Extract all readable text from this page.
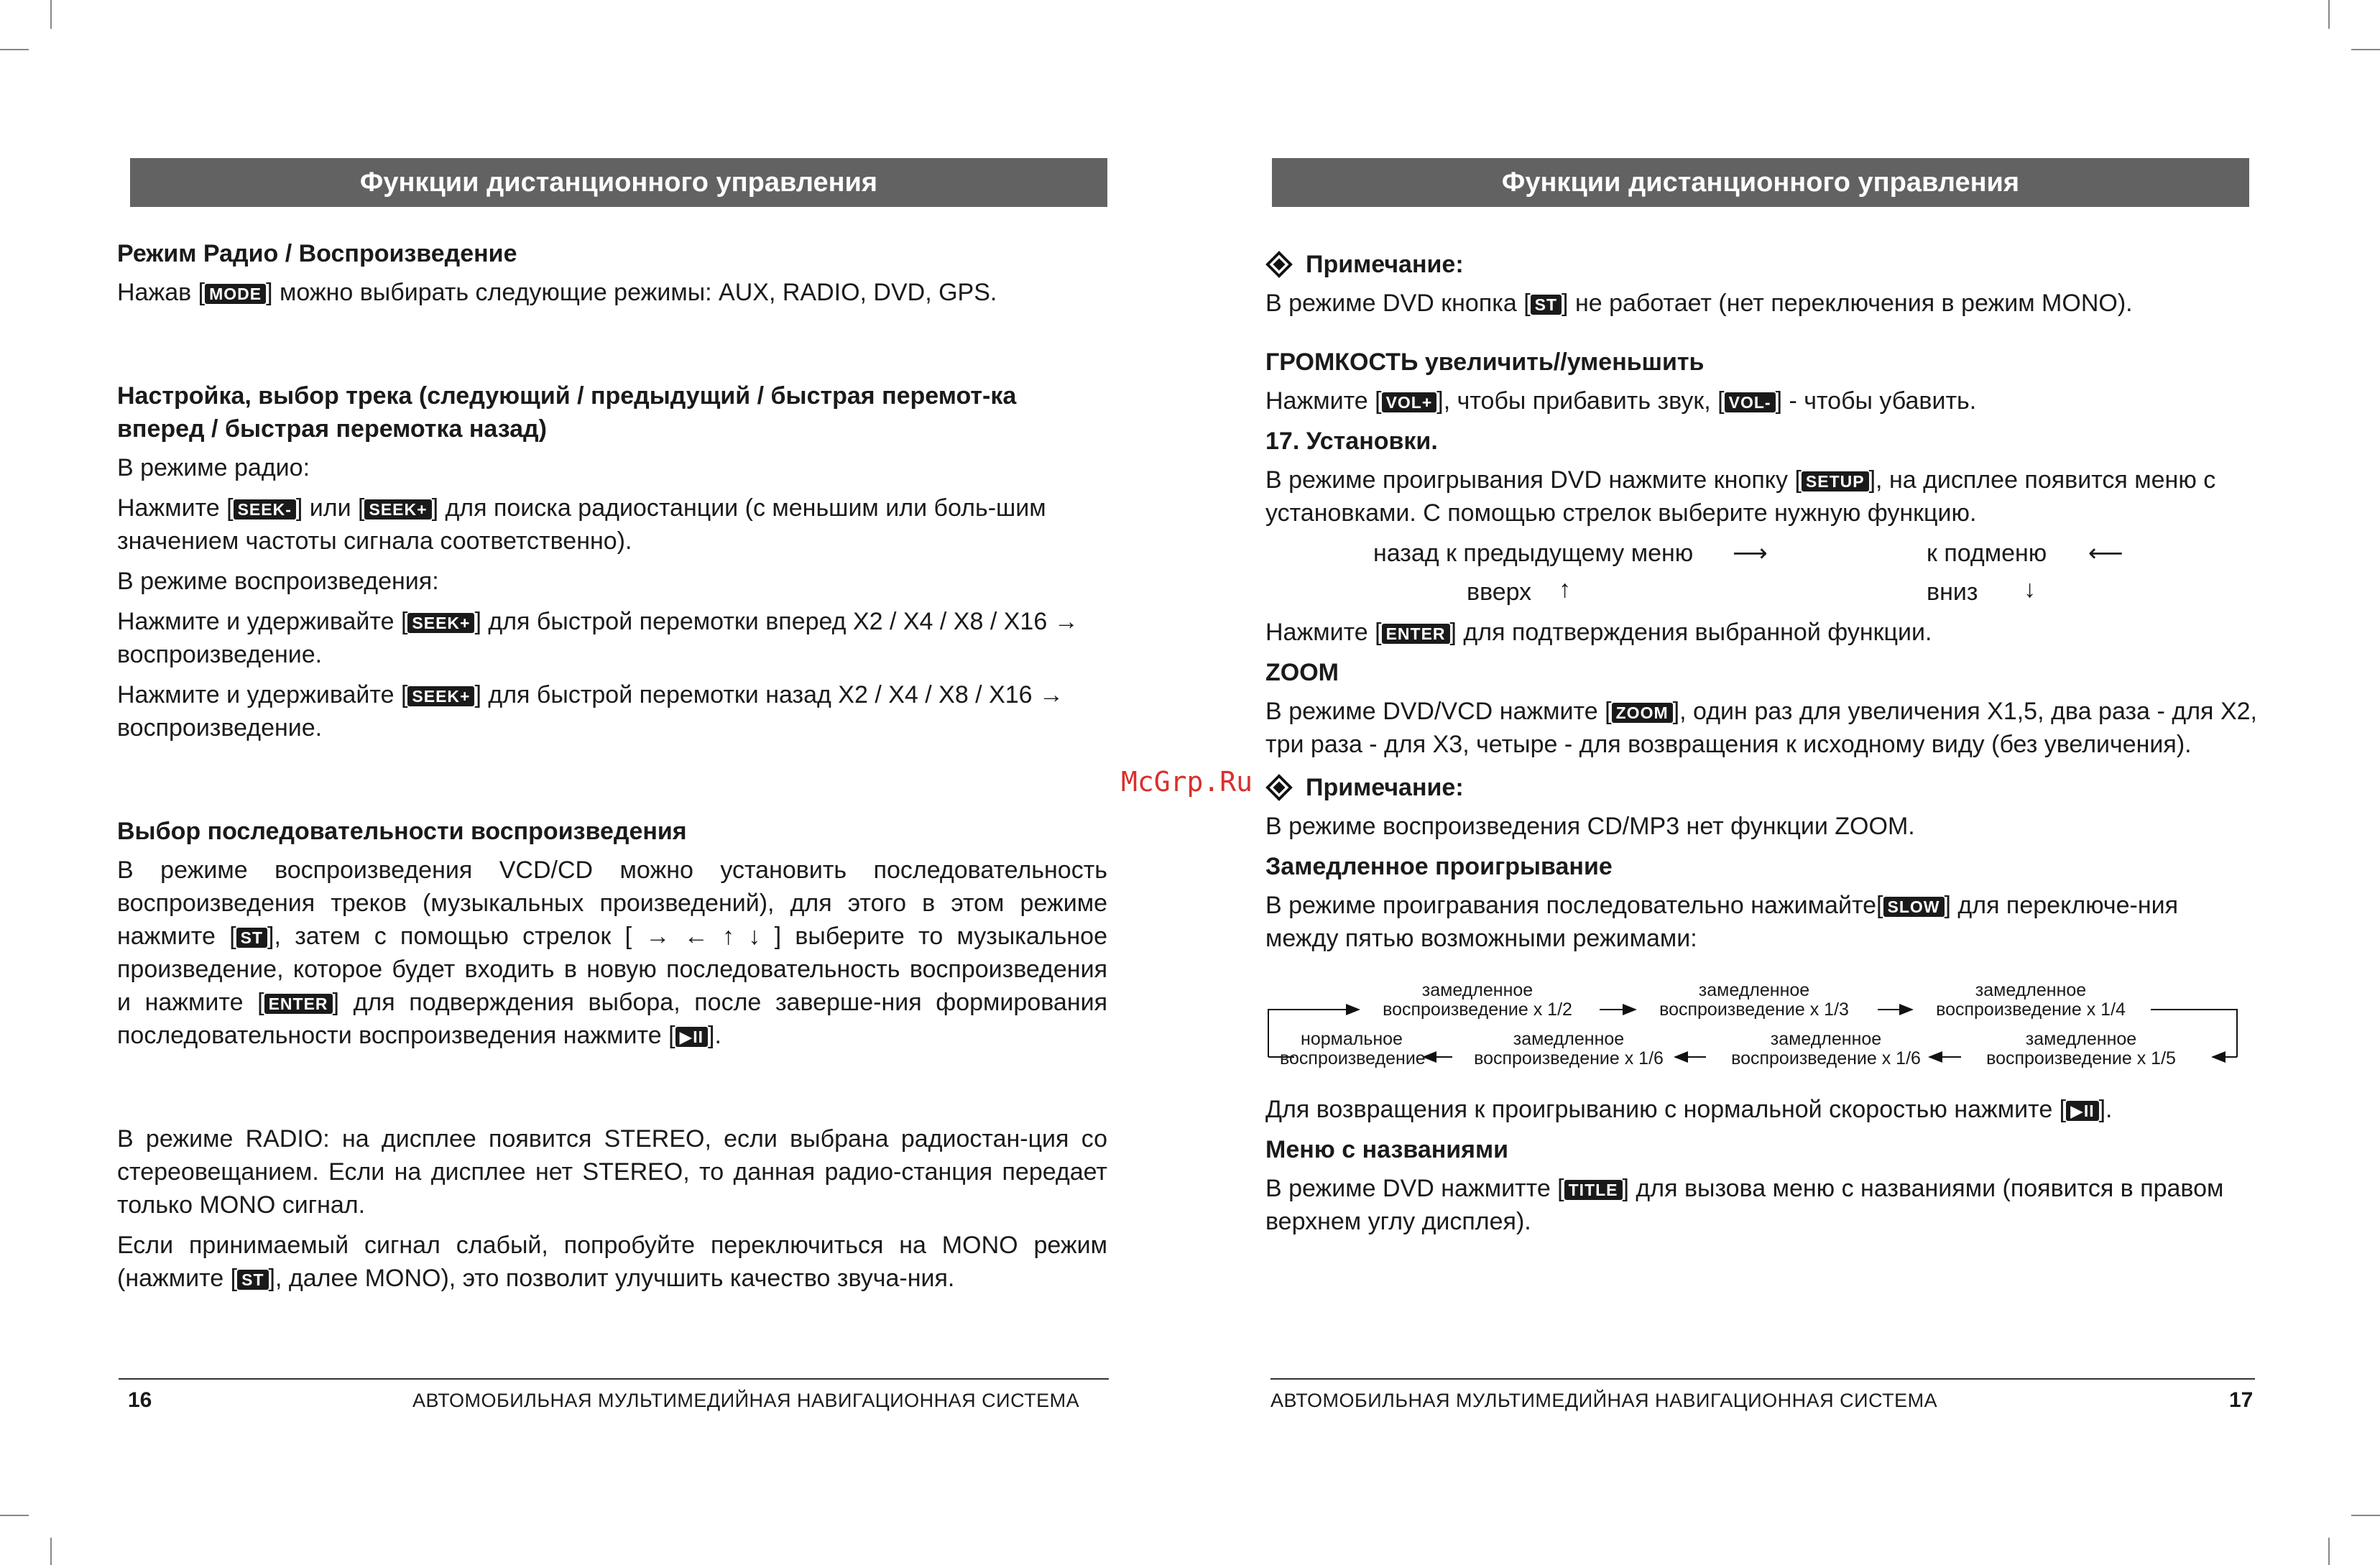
Функции дистанционного управления

Режим Радио / Воспроизведение

Нажав [ MODE ] можно выбирать следующие режимы: AUX, RADIO, DVD, GPS.

Настройка, выбор трека (следующий / предыдущий / быстрая перемот-ка вперед / быстрая перемотка назад)

В режиме радио:

Нажмите [ SEEK- ] или [ SEEK+ ] для поиска радиостанции (с меньшим или боль-шим значением частоты сигнала соответственно).

В режиме воспроизведения:

Нажмите и удерживайте [ SEEK+ ] для быстрой перемотки вперед X2 / X4 / X8 / X16 → воспроизведение.

Нажмите и удерживайте [ SEEK+ ] для быстрой перемотки назад X2 / X4 / X8 / X16 → воспроизведение.

Выбор последовательности воспроизведения

В режиме воспроизведения VCD/CD можно установить последовательность воспроизведения треков (музыкальных произведений), для этого в этом режиме нажмите [ ST ], затем с помощью стрелок [ → ← ↑ ↓ ] выберите то музыкальное произведение, которое будет входить в новую последовательность воспроизведения и нажмите [ ENTER ] для подверждения выбора, после заверше-ния формирования последовательности воспроизведения нажмите [ ▶II ].

В режиме RADIO: на дисплее появится STEREO, если выбрана радиостан-ция со стереовещанием. Если на дисплее нет STEREO, то данная радио-станция передает только MONO сигнал.

Если принимаемый сигнал слабый, попробуйте переключиться на MONO режим (нажмите [ ST ], далее MONO), это позволит улучшить качество звуча-ния.

16	АВТОМОБИЛЬНАЯ МУЛЬТИМЕДИЙНАЯ НАВИГАЦИОННАЯ СИСТЕМА
Функции дистанционного управления
Примечание:

В режиме DVD кнопка [ ST ] не работает (нет переключения в режим MONO).

ГРОМКОСТЬ увеличить//уменьшить

Нажмите [ VOL+ ], чтобы прибавить звук, [ VOL- ] - чтобы убавить.

17. Установки.

В режиме проигрывания DVD нажмите кнопку [ SETUP ], на дисплее появится меню с установками. С помощью стрелок выберите нужную функцию.

назад к предыдущему меню ⟶	к подменю ⟵
вверх ↑	вниз ↓

Нажмите [ ENTER ] для подтверждения выбранной функции.

ZOOM

В режиме DVD/VCD нажмите [ ZOOM ], один раз для увеличения X1,5, два раза - для X2, три раза - для X3, четыре - для возвращения к исходному виду (без увеличения).

Примечание:

В режиме воспроизведения CD/MP3 нет функции ZOOM.

Замедленное проигрывание

В режиме проигравания последовательно нажимайте[ SLOW ] для переключе-ния между пятью возможными режимами:

замедленное
воспроизведение x 1/2
замедленное
воспроизведение x 1/3
замедленное
воспроизведение x 1/4
нормальное
воспроизведение
замедленное
воспроизведение x 1/6
замедленное
воспроизведение x 1/6
замедленное
воспроизведение x 1/5

Для возвращения к проигрыванию с нормальной скоростью нажмите [ ▶II ].

Меню с названиями

В режиме DVD нажмитте [ TITLE ] для вызова меню с названиями (появится в правом верхнем углу дисплея).

АВТОМОБИЛЬНАЯ МУЛЬТИМЕДИЙНАЯ НАВИГАЦИОННАЯ СИСТЕМА	17
McGrp.Ru
